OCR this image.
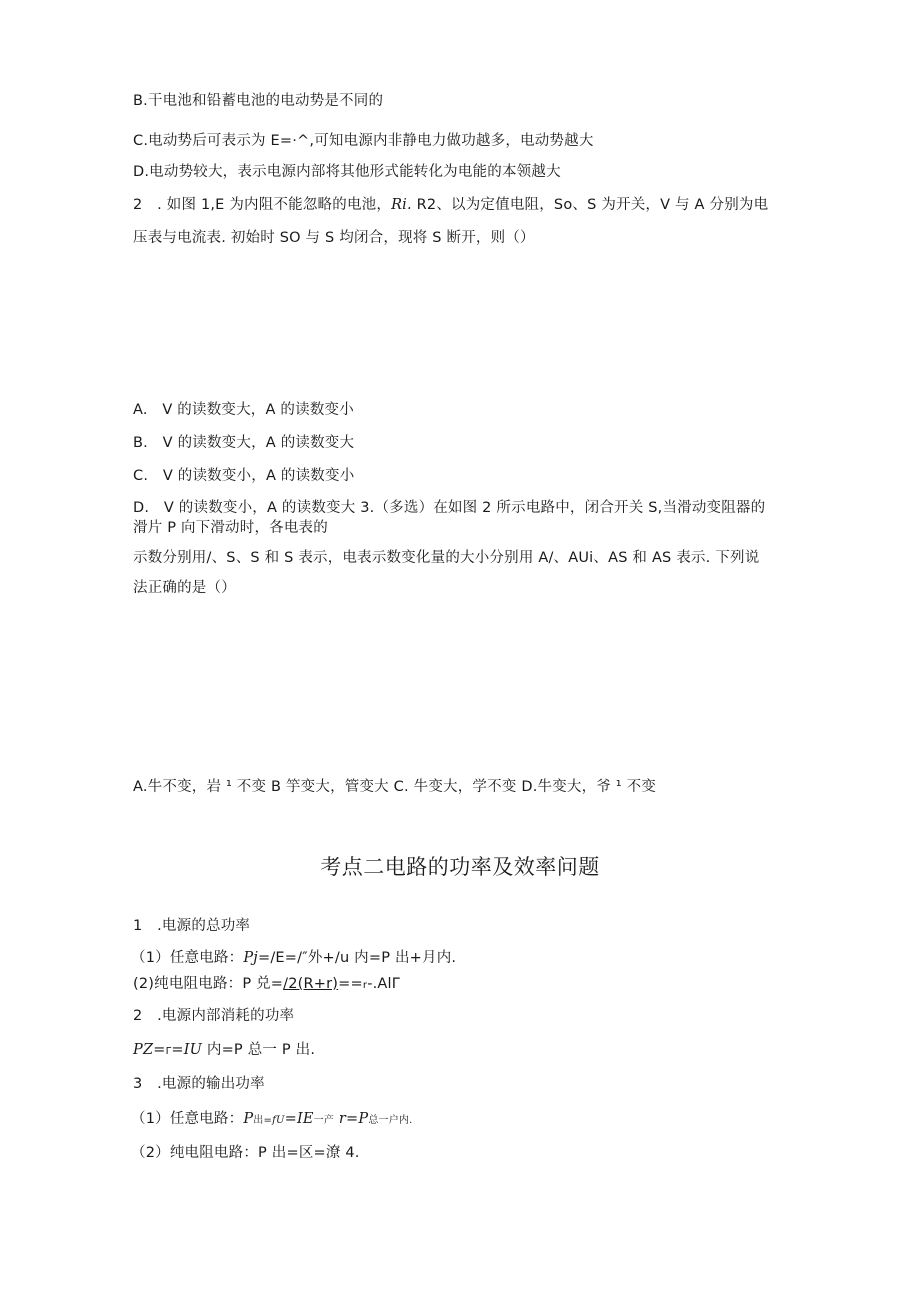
B.干电池和铅蓄电池的电动势是不同的
C.电动势后可表示为 E=·^,可知电源内非静电力做功越多，电动势越大
D.电动势较大，表示电源内部将其他形式能转化为电能的本领越大
2　. 如图 1,E 为内阻不能忽略的电池，Ri. R2、以为定值电阻，So、S 为开关，V 与 A 分别为电
压表与电流表. 初始时 SO 与 S 均闭合，现将 S 断开，则（）
A.　V 的读数变大，A 的读数变小
B.　V 的读数变大，A 的读数变大
C.　V 的读数变小，A 的读数变小
D.　V 的读数变小，A 的读数变大 3.（多选）在如图 2 所示电路中，闭合开关 S,当滑动变阻器的
滑片 P 向下滑动时，各电表的
示数分别用/、S、S 和 S 表示，电表示数变化量的大小分别用 A/、AUi、AS 和 AS 表示. 下列说
法正确的是（）
A.牛不变，岩 ¹ 不变 B 竽变大，管变大 C. 牛变大，学不变 D.牛变大，爷 ¹ 不变
考点二电路的功率及效率问题
1　.电源的总功率
（1）任意电路：Pj=/E=/″外+/u 内=P 出+月内.
(2)纯电阻电路：P 兑=/2(R+r)==r-.AlΓ
2　.电源内部消耗的功率
PZ=Γ=IU 内=P 总一 P 出.
3　.电源的输出功率
（1）任意电路：P出=fU=IE一产 r=P总一户内.
（2）纯电阻电路：P 出=区=潦 4.
